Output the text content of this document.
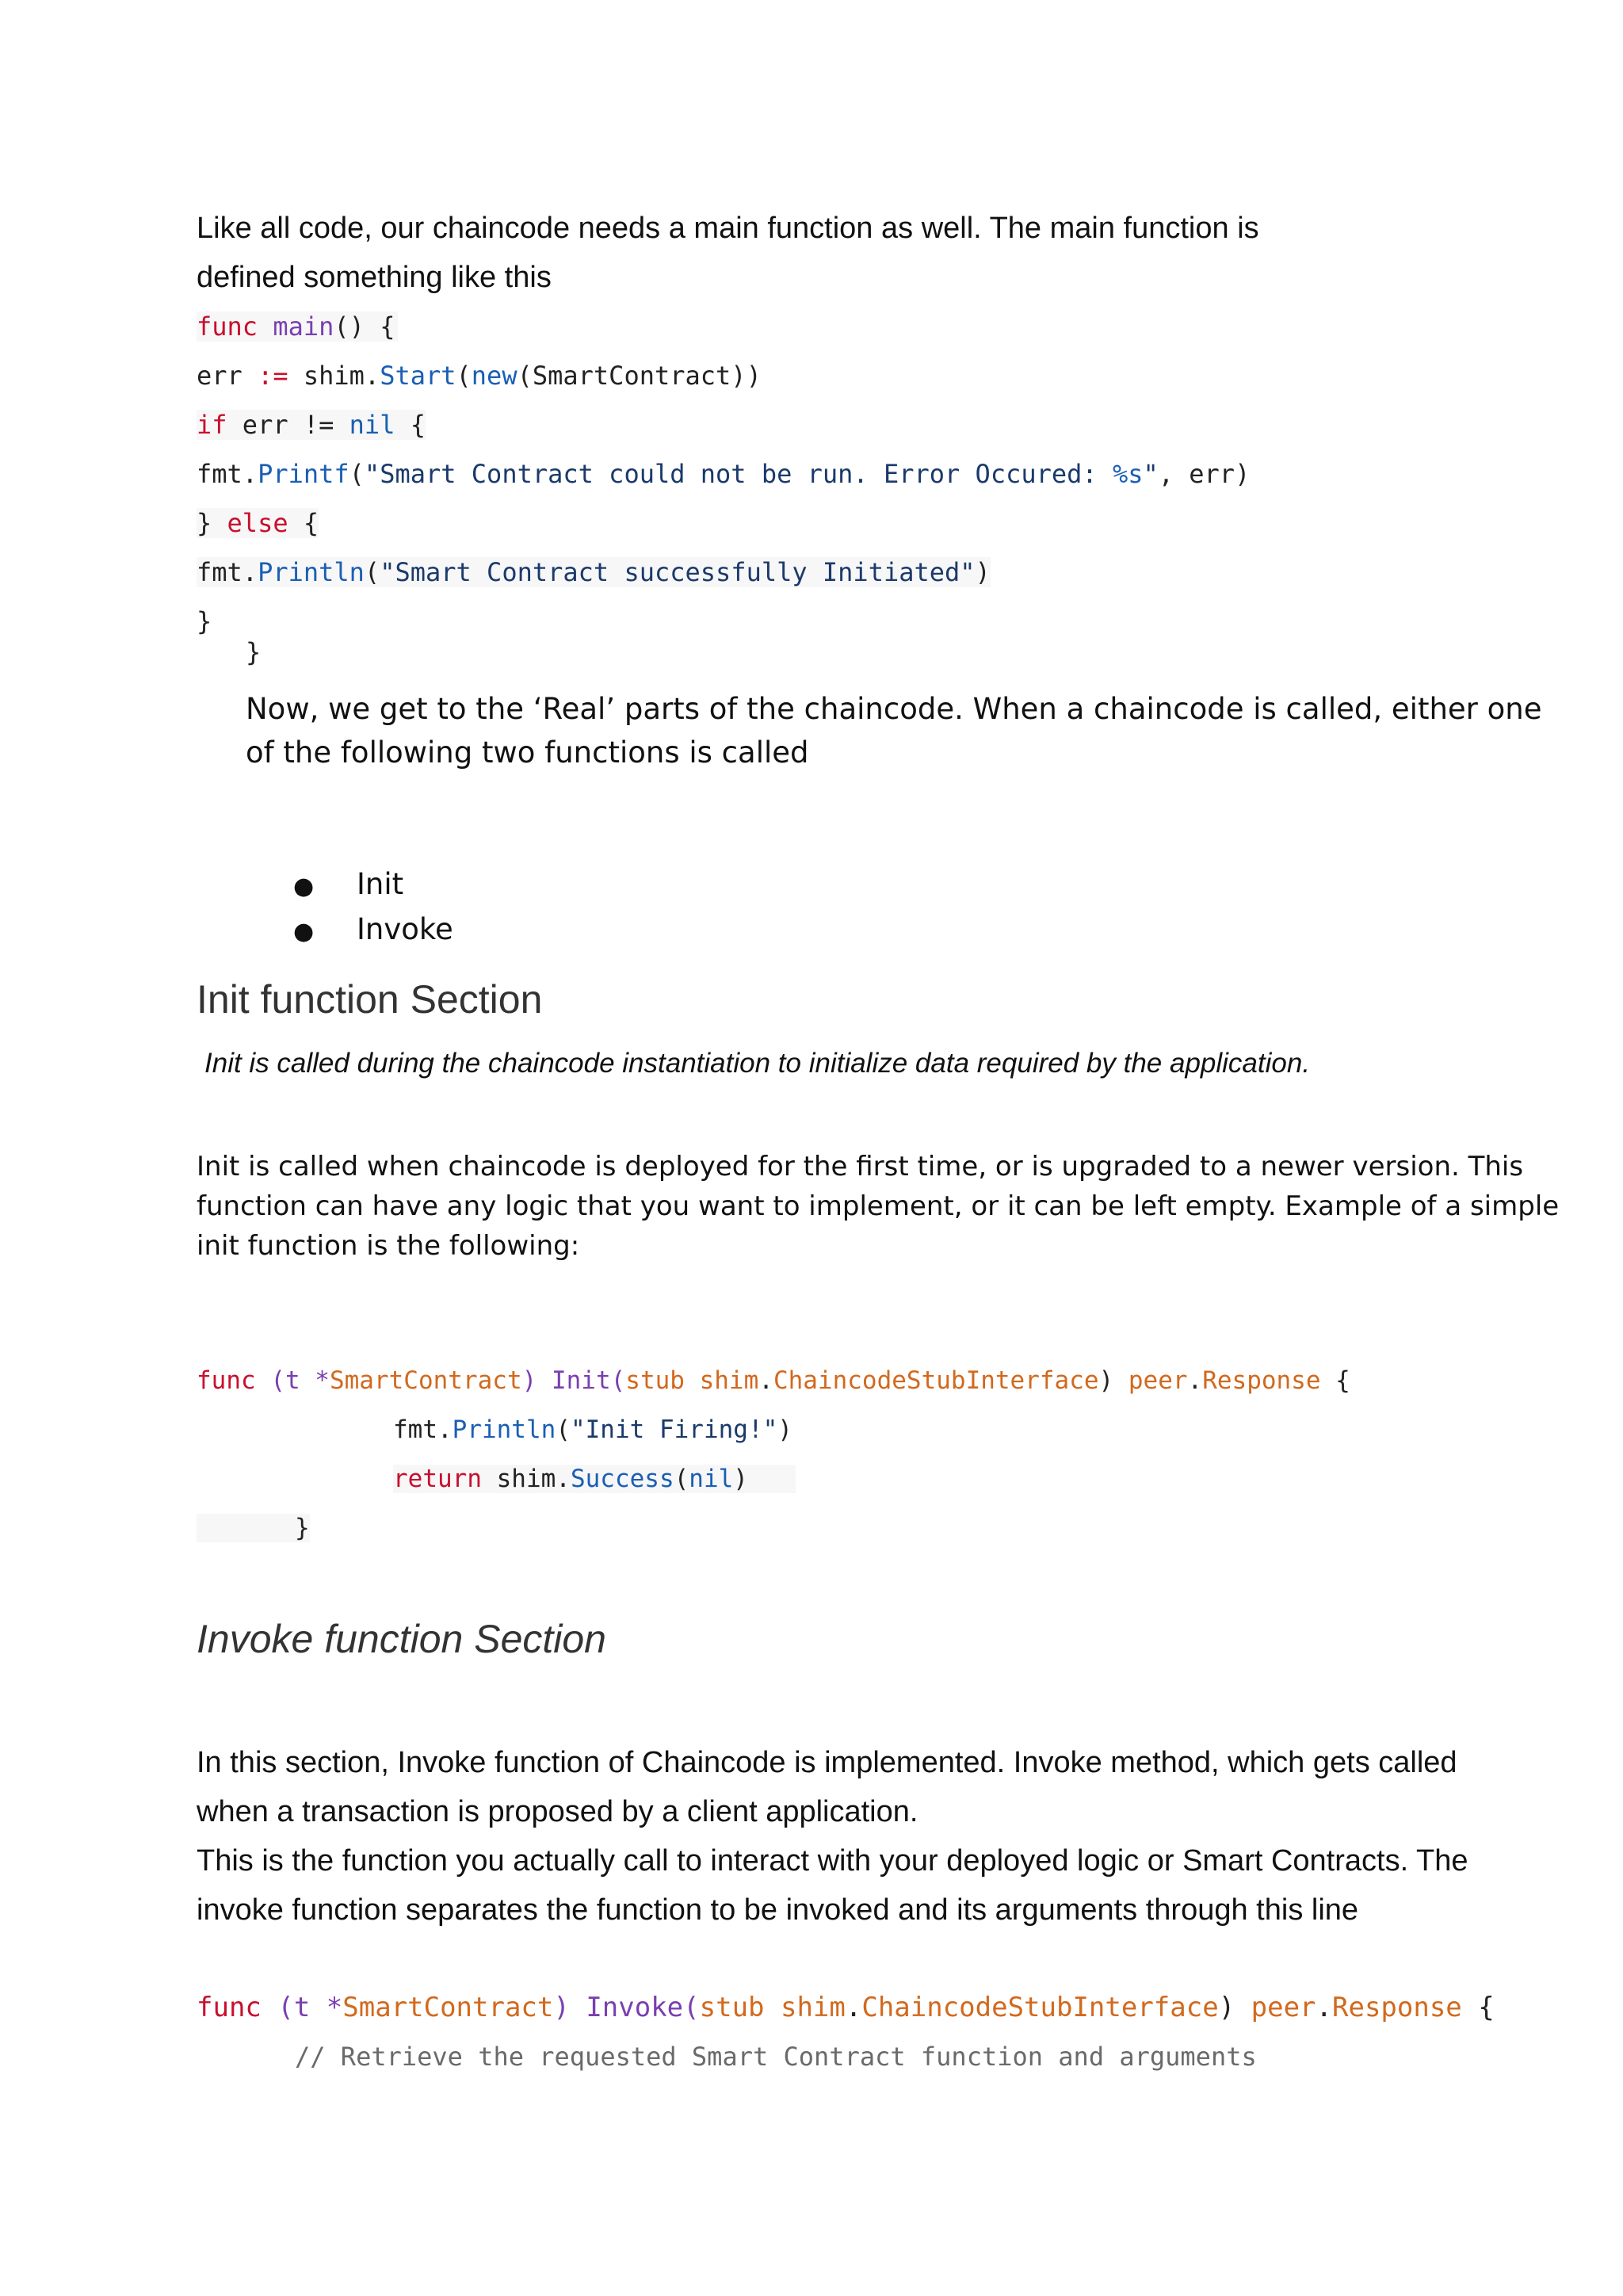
Like all code, our chaincode needs a main function as well. The main function is
defined something like this
func main() {
err := shim.Start(new(SmartContract))
if err != nil {
fmt.Printf("Smart Contract could not be run. Error Occured: %s", err)
} else {
fmt.Println("Smart Contract successfully Initiated")
}
}
Now, we get to the ‘Real’ parts of the chaincode. When a chaincode is called, either one
of the following two functions is called
● Init
● Invoke
Init function Section
Init is called during the chaincode instantiation to initialize data required by the application.
Init is called when chaincode is deployed for the first time, or is upgraded to a newer version. This
function can have any logic that you want to implement, or it can be left empty. Example of a simple
init function is the following:
func (t *SmartContract) Init(stub shim.ChaincodeStubInterface) peer.Response {
fmt.Println("Init Firing!")
return shim.Success(nil)
}
Invoke function Section
In this section, Invoke function of Chaincode is implemented. Invoke method, which gets called
when a transaction is proposed by a client application.
This is the function you actually call to interact with your deployed logic or Smart Contracts. The
invoke function separates the function to be invoked and its arguments through this line
func (t *SmartContract) Invoke(stub shim.ChaincodeStubInterface) peer.Response {
// Retrieve the requested Smart Contract function and arguments
